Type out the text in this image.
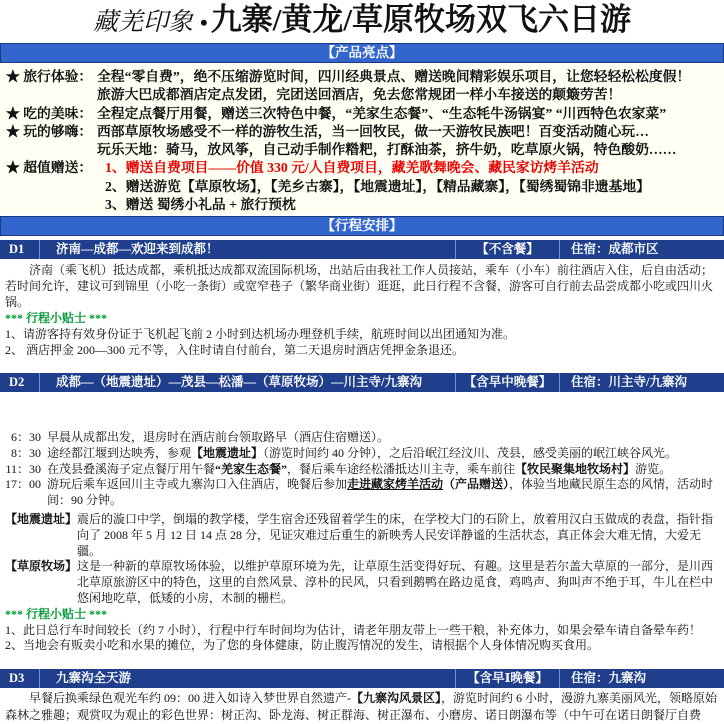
藏羌印象 •九寨/黄龙/草原牧场双飞六日游
【产品亮点】
★ 旅行体验： 全程“零自费”，绝不压缩游览时间，四川经典景点、赠送晚间精彩娱乐项目，让您轻轻松松度假！
旅游大巴成都酒店定点发团，完团送回酒店，免去您常规团一样小车接送的颠簸劳苦！
★ 吃的美味： 全程定点餐厅用餐，赠送三次特色中餐，“羌家生态餐”、“生态牦牛汤锅宴” “川西特色农家菜”
★ 玩的够嗨： 西部草原牧场感受不一样的游牧生活，当一回牧民，做一天游牧民族吧！百变活动随心玩…
玩乐天地：骑马，放风筝，自己动手制作糌粑，打酥油茶，挤牛奶，吃草原火锅，特色酸奶……
★ 超值赠送： 1、赠送自费项目——价值 330 元/人自费项目，藏羌歌舞晚会、藏民家访烤羊活动
2、赠送游览【草原牧场】，【羌乡古寨】，【地震遗址】，【精品藏寨】，【蜀绣蜀锦非遗基地】
3、赠送 蜀绣小礼品 + 旅行预枕
【行程安排】
D1	济南—成都—欢迎来到成都！	【不含餐】	住宿：成都市区
济南（乘飞机）抵达成都，乘机抵达成都双流国际机场，出站后由我社工作人员接站，乘车（小车）前往酒店入住，后自由活动；若时间允许，建议可到锦里（小吃一条街）或宽窄巷子（繁华商业街）逛逛，此日行程不含餐，游客可自行前去品尝成都小吃或四川火锅。
*** 行程小贴士 ***
1、请游客持有效身份证于飞机起飞前 2 小时到达机场办理登机手续，航班时间以出团通知为准。
2、 酒店押金 200—300 元不等，入住时请自付前台，第二天退房时酒店凭押金条退还。
D2	成都—（地震遗址）—茂县—松潘—（草原牧场）—川主寺/九寨沟	【含早中晚餐】	住宿：川主寺/九寨沟
6：30 早晨从成都出发，退房时在酒店前台领取路早（酒店住宿赠送）。
8：30 途经都江堰到达映秀，参观【地震遗址】（游览时间约 40 分钟），之后沿岷江经汶川、茂县，感受美丽的岷江峡谷风光。
11：30 在茂县叠溪海子定点餐厅用午餐“羌家生态餐”，餐后乘车途经松潘抵达川主寺，乘车前往【牧民聚集地牧场村】游览。
17：00 游玩后乘车返回川主寺或九寨沟口入住酒店，晚餐后参加走进藏家烤羊活动（产品赠送），体验当地藏民原生态的风情，活动时间：90 分钟。
【地震遗址】 震后的漩口中学，倒塌的教学楼，学生宿舍还残留着学生的床，在学校大门的石阶上，放着用汉白玉做成的表盘，指针指向了 2008 年 5 月 12 日 14 点 28 分，见证灾难过后重生的新映秀人民安详静谧的生活状态，真正体会大难无情，大爱无疆。
【草原牧场】 这是一种新的草原牧场体验，以维护草原环境为先，让草原生活变得好玩、有趣。这里是若尔盖大草原的一部分，是川西北草原旅游区中的特色，这里的自然风景、淳朴的民风，只看到鹅鸭在路边觅食，鸡鸣声、狗叫声不绝于耳，牛儿在栏中悠闲地吃草，低矮的小房，木制的栅栏。
*** 行程小贴士 ***
1、此日总行车时间较长（约 7 小时），行程中行车时间均为估计，请老年朋友带上一些干粮，补充体力，如果会晕车请自备晕车药！
2、当地会有贩卖小吃和水果的摊位，为了您的身体健康，防止腹泻情况的发生，请根据个人身体情况购买食用。
D3	九寨沟全天游	【含早Ⅰ晚餐】	住宿：九寨沟
早餐后换乘绿色观光车约 09：00 进入如诗入梦世界自然遗产-【九寨沟风景区】，游览时间约 6 小时，漫游九寨美丽风光，领略原始森林之雅趣；观赏叹为观止的彩色世界：树正沟、卧龙海、树正群海、树正瀑布、小磨房、诺日朗瀑布等（中午可在诺日朗餐厅自费
